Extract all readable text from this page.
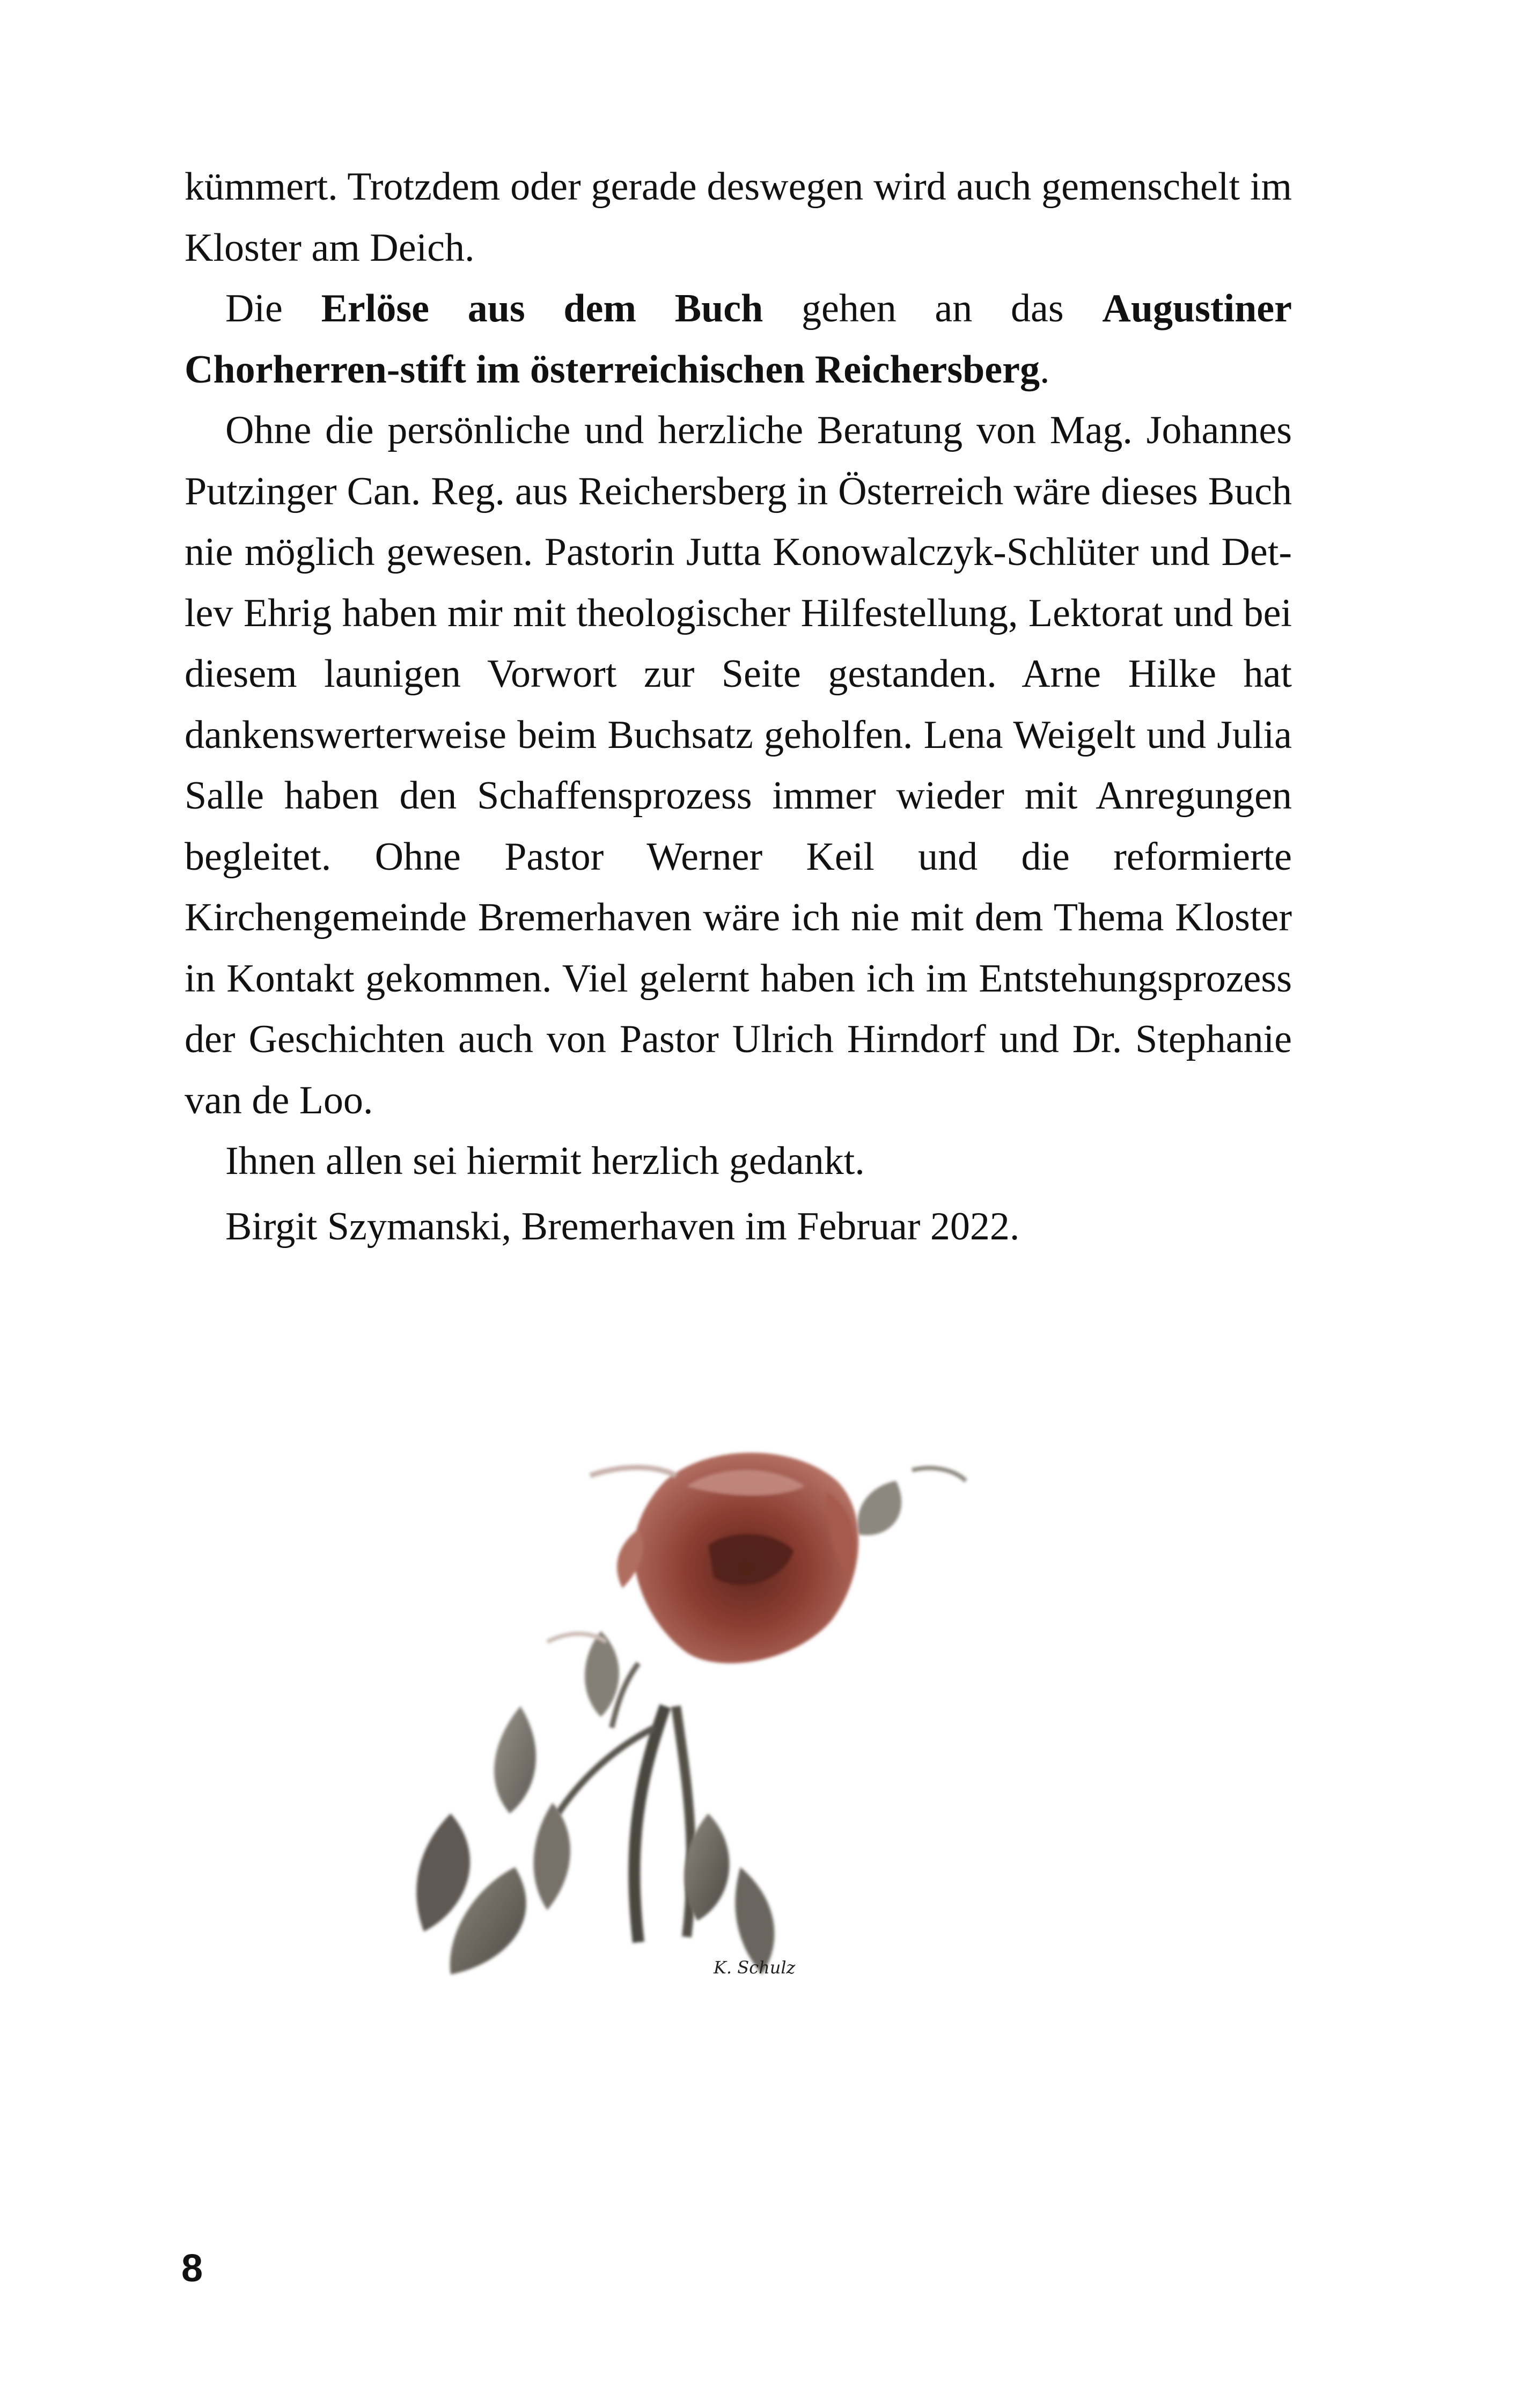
kümmert. Trotzdem oder gerade deswegen wird auch gemenschelt im Kloster am Deich.

Die Erlöse aus dem Buch gehen an das Augustiner Chorherren-stift im österreichischen Reichersberg.

Ohne die persönliche und herzliche Beratung von Mag. Johannes Putzinger Can. Reg. aus Reichersberg in Österreich wäre dieses Buch nie möglich gewesen. Pastorin Jutta Konowalczyk-Schlüter und Detlev Ehrig haben mir mit theologischer Hilfestellung, Lektorat und bei diesem launigen Vorwort zur Seite gestanden. Arne Hilke hat dankenswerterweise beim Buchsatz geholfen. Lena Weigelt und Julia Salle haben den Schaffensprozess immer wieder mit Anregungen begleitet. Ohne Pastor Werner Keil und die reformierte Kirchengemeinde Bremerhaven wäre ich nie mit dem Thema Kloster in Kontakt gekommen. Viel gelernt haben ich im Entstehungsprozess der Geschichten auch von Pastor Ulrich Hirndorf und Dr. Stephanie van de Loo.

Ihnen allen sei hiermit herzlich gedankt.

Birgit Szymanski, Bremerhaven im Februar 2022.
K. Schulz
8
